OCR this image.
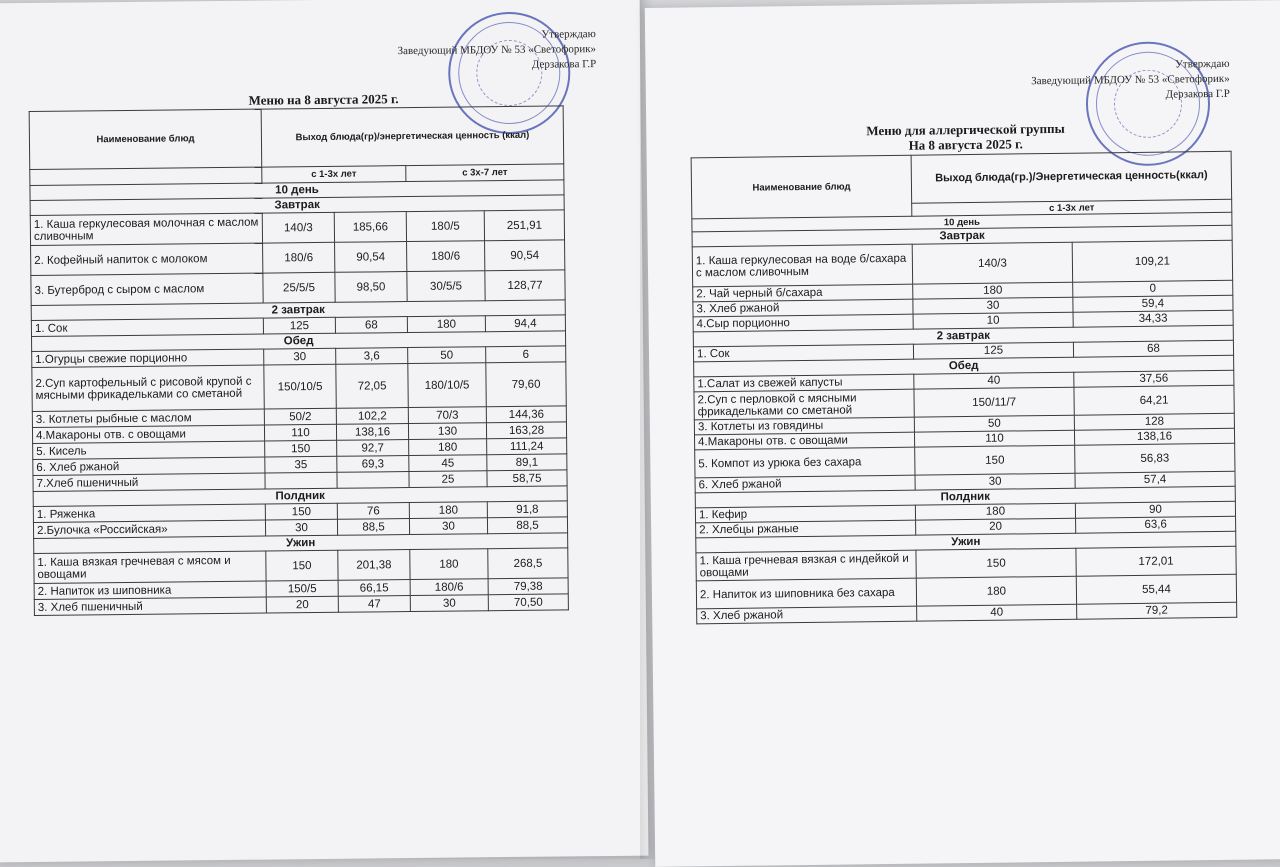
Утверждаю
Заведующий МБДОУ № 53 «Светофорик»
Дерзакова Г.Р
Меню на 8 августа 2025 г.
Наименование блюд	Выход блюда(гр)/энергетическая ценность (ккал)			
	с 1-3х лет		с 3х-7 лет	
10 день				
Завтрак				
1. Каша геркулесовая молочная с маслом сливочным	140/3	185,66	180/5	251,91
2. Кофейный напиток с молоком	180/6	90,54	180/6	90,54
3. Бутерброд с сыром с маслом	25/5/5	98,50	30/5/5	128,77
2 завтрак				
1. Сок	125	68	180	94,4
Обед				
1.Огурцы свежие порционно	30	3,6	50	6
2.Суп картофельный с рисовой крупой с мясными фрикадельками со сметаной	150/10/5	72,05	180/10/5	79,60
3. Котлеты рыбные с маслом	50/2	102,2	70/3	144,36
4.Макароны отв. с овощами	110	138,16	130	163,28
5. Кисель	150	92,7	180	111,24
6. Хлеб ржаной	35	69,3	45	89,1
7.Хлеб пшеничный			25	58,75
Полдник				
1. Ряженка	150	76	180	91,8
2.Булочка «Российская»	30	88,5	30	88,5
Ужин				
1. Каша вязкая гречневая с мясом и овощами	150	201,38	180	268,5
2. Напиток из шиповника	150/5	66,15	180/6	79,38
3. Хлеб пшеничный	20	47	30	70,50
Утверждаю
Заведующий МБДОУ № 53 «Светофорик»
Дерзакова Г.Р
Меню для аллергической группы
На 8 августа 2025 г.
Наименование блюд	Выход блюда(гр.)/Энергетическая ценность(ккал)	
	с 1-3х лет	
10 день		
Завтрак		
1. Каша геркулесовая на воде б/сахара с маслом сливочным	140/3	109,21
2. Чай черный б/сахара	180	0
3. Хлеб ржаной	30	59,4
4.Сыр порционно	10	34,33
2 завтрак		
1. Сок	125	68
Обед		
1.Салат из свежей капусты	40	37,56
2.Суп с перловкой с мясными фрикадельками со сметаной	150/11/7	64,21
3. Котлеты из говядины	50	128
4.Макароны отв. с овощами	110	138,16
5. Компот из урюка без сахара	150	56,83
6. Хлеб ржаной	30	57,4
Полдник		
1. Кефир	180	90
2. Хлебцы ржаные	20	63,6
Ужин		
1. Каша гречневая вязкая с индейкой и овощами	150	172,01
2. Напиток из шиповника без сахара	180	55,44
3. Хлеб ржаной	40	79,2
